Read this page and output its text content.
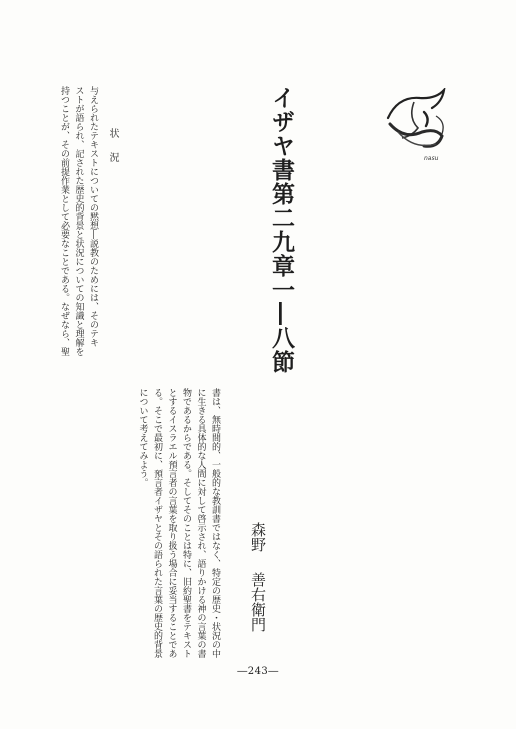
nasu
イザヤ書第二九章一―八節
森野善右衛門
状況

与えられたテキストについての黙想―説教のためには、そのテキ
ストが語られ、記された歴史的背景と状況についての知識と理解を
持つことが、その前提作業として必要なことである。なぜなら、聖

書は、無時間的、一般的な教訓書ではなく、特定の歴史・状況の中
に生きる具体的な人間に対して啓示され、語りかける神の言葉の書
物であるからである。そしてそのことは特に、旧約聖書をテキスト
とするイスラエル預言者の言葉を取り扱う場合に妥当することであ
る。そこで最初に、預言者イザヤとその語られた言葉の歴史的背景
について考えてみよう。

―243―
